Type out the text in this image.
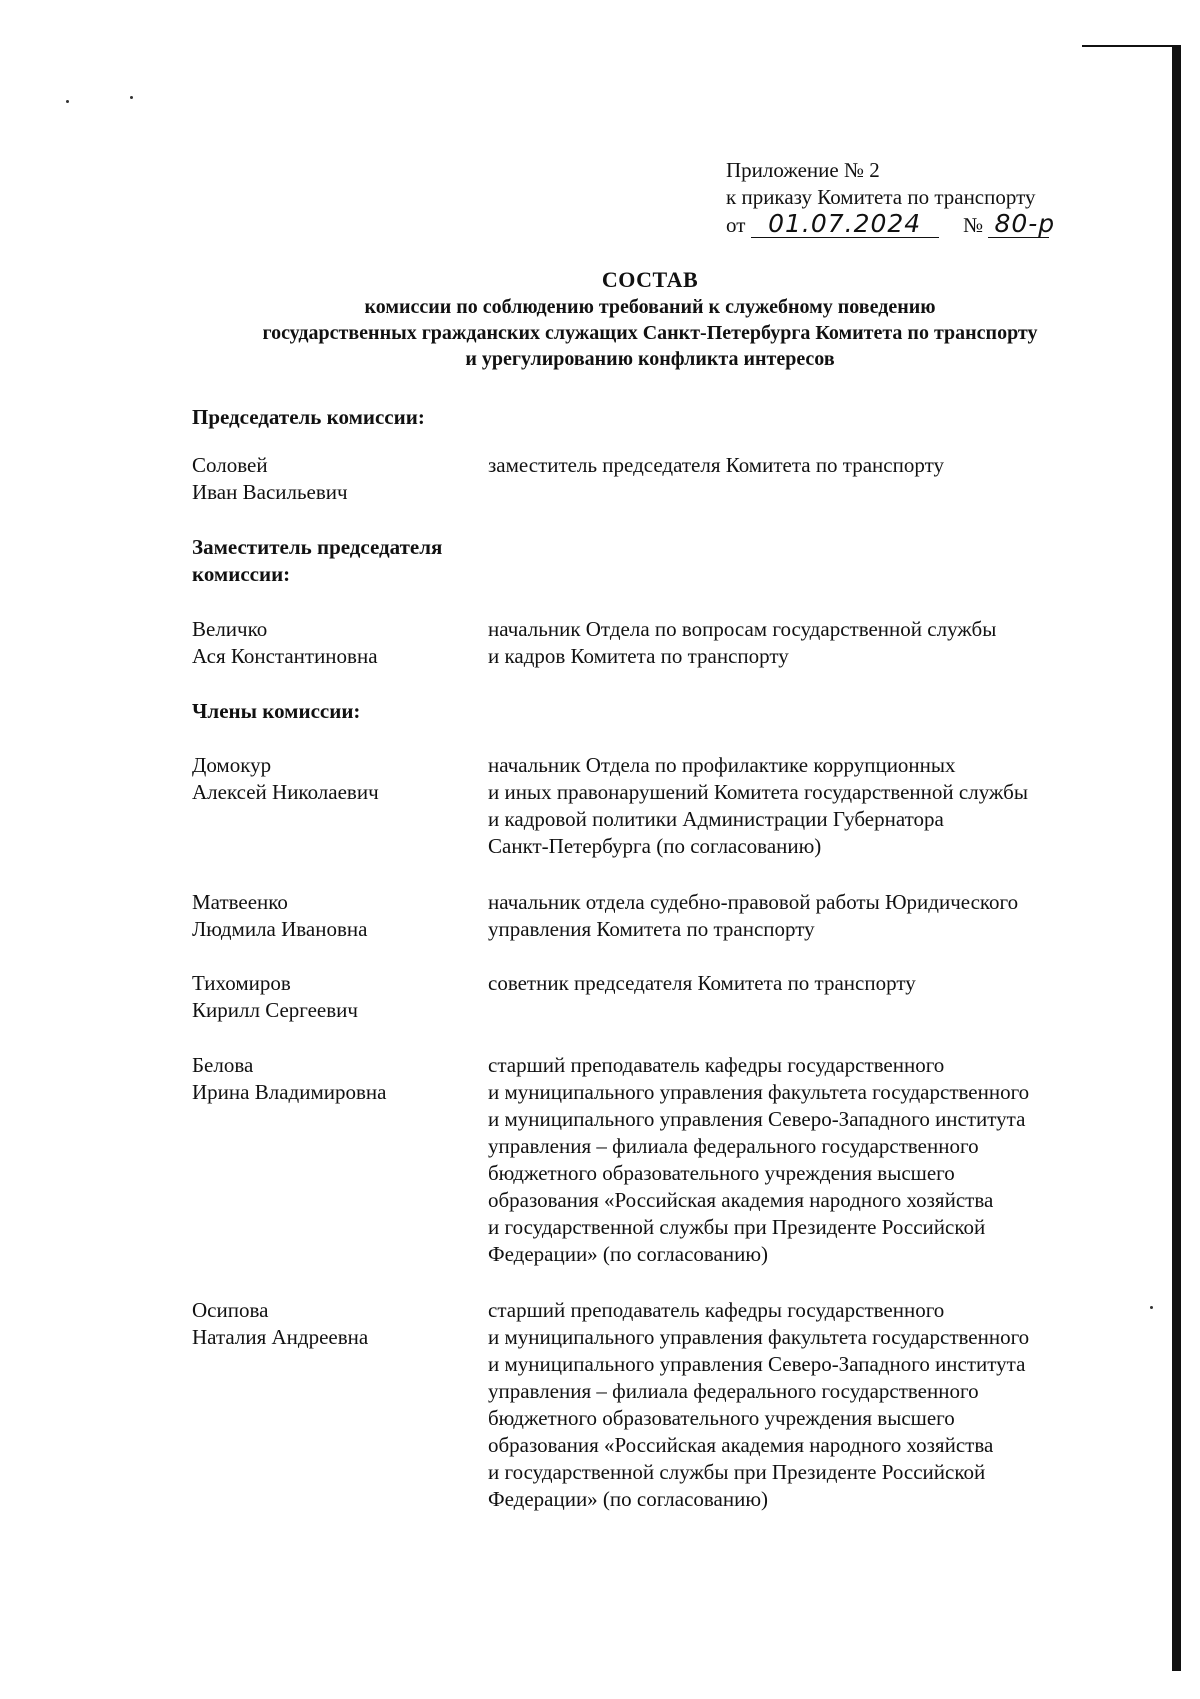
Приложение № 2
к приказу Комитета по транспорту
от 01.07.2024 № 80-р
СОСТАВ
комиссии по соблюдению требований к служебному поведению
государственных гражданских служащих Санкт-Петербурга Комитета по транспорту
и урегулированию конфликта интересов
Председатель комиссии:
Соловей
Иван Васильевич
заместитель председателя Комитета по транспорту
Заместитель председателя
комиссии:
Величко
Ася Константиновна
начальник Отдела по вопросам государственной службы
и кадров Комитета по транспорту
Члены комиссии:
Домокур
Алексей Николаевич
начальник Отдела по профилактике коррупционных
и иных правонарушений Комитета государственной службы
и кадровой политики Администрации Губернатора
Санкт-Петербурга (по согласованию)
Матвеенко
Людмила Ивановна
начальник отдела судебно-правовой работы Юридического
управления Комитета по транспорту
Тихомиров
Кирилл Сергеевич
советник председателя Комитета по транспорту
Белова
Ирина Владимировна
старший преподаватель кафедры государственного
и муниципального управления факультета государственного
и муниципального управления Северо-Западного института
управления – филиала федерального государственного
бюджетного образовательного учреждения высшего
образования «Российская академия народного хозяйства
и государственной службы при Президенте Российской
Федерации» (по согласованию)
Осипова
Наталия Андреевна
старший преподаватель кафедры государственного
и муниципального управления факультета государственного
и муниципального управления Северо-Западного института
управления – филиала федерального государственного
бюджетного образовательного учреждения высшего
образования «Российская академия народного хозяйства
и государственной службы при Президенте Российской
Федерации» (по согласованию)
